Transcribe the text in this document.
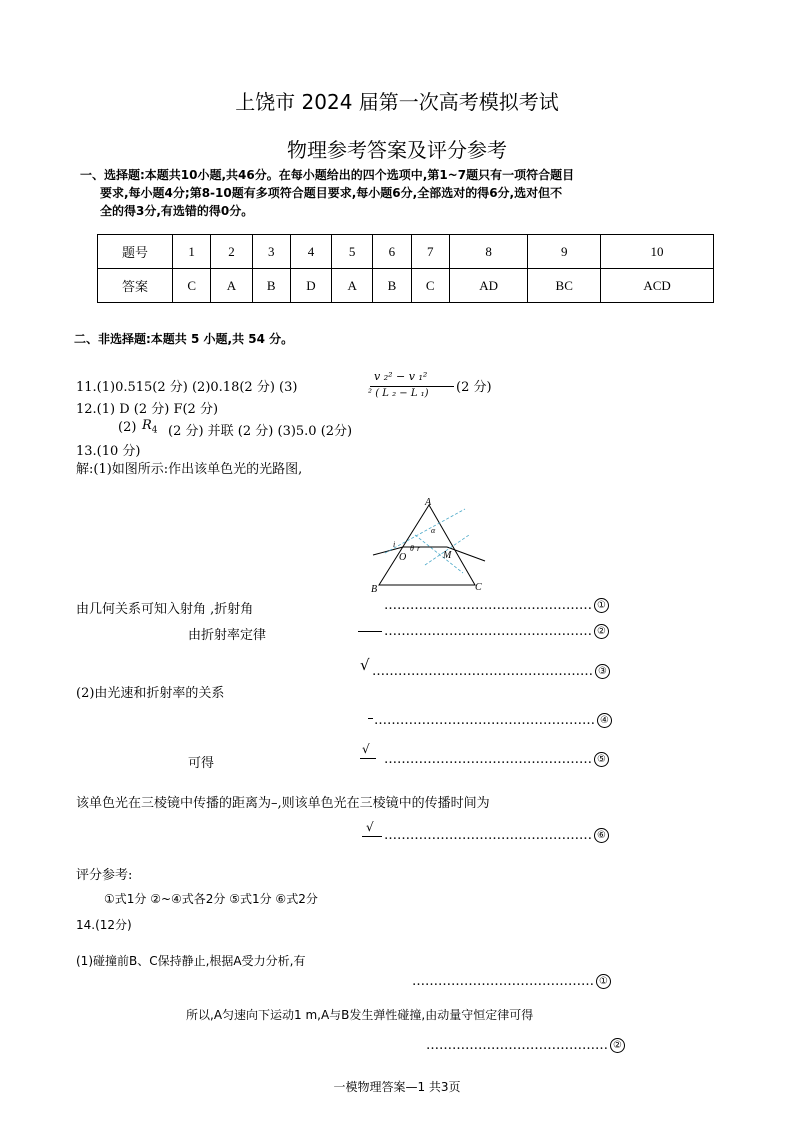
上饶市 2024 届第一次高考模拟考试
物理参考答案及评分参考
一、选择题:本题共10小题,共46分。在每小题给出的四个选项中,第1~7题只有一项符合题目
要求,每小题4分;第8-10题有多项符合题目要求,每小题6分,全部选对的得6分,选对但不
全的得3分,有选错的得0分。
题号	1	2	3	4	5	6	7	8	9	10
答案	C	A	B	D	A	B	C	AD	BC	ACD
二、非选择题:本题共 5 小题,共 54 分。
11.(1)0.515(2 分) (2)0.18(2 分) (3)
v ₂² − v ₁²
² ( L ₂ − L ₁) (2 分)
12.(1) D (2 分) F(2 分)
(2) $R_4$ (2 分) 并联 (2 分) (3)5.0 (2分)
13.(10 分)
解:(1)如图所示:作出该单色光的光路图,
A
B	C
O	M
i	r
α
θ
由几何关系可知入射角 ,折射角	………………………………………… ①
由折射率定律	………………………………………… ②
√ …………………………………………… ③
(2)由光速和折射率的关系
…………………………………………… ④
可得
√
………………………………………… ⑤
该单色光在三棱镜中传播的距离为–,则该单色光在三棱镜中的传播时间为
√
………………………………………… ⑥
评分参考:
①式1分 ②~④式各2分 ⑤式1分 ⑥式2分
14.(12分)
(1)碰撞前B、C保持静止,根据A受力分析,有
…………………………………… ①
所以,A匀速向下运动1 m,A与B发生弹性碰撞,由动量守恒定律可得
…………………………………… ②
一模物理答案—1 共3页
